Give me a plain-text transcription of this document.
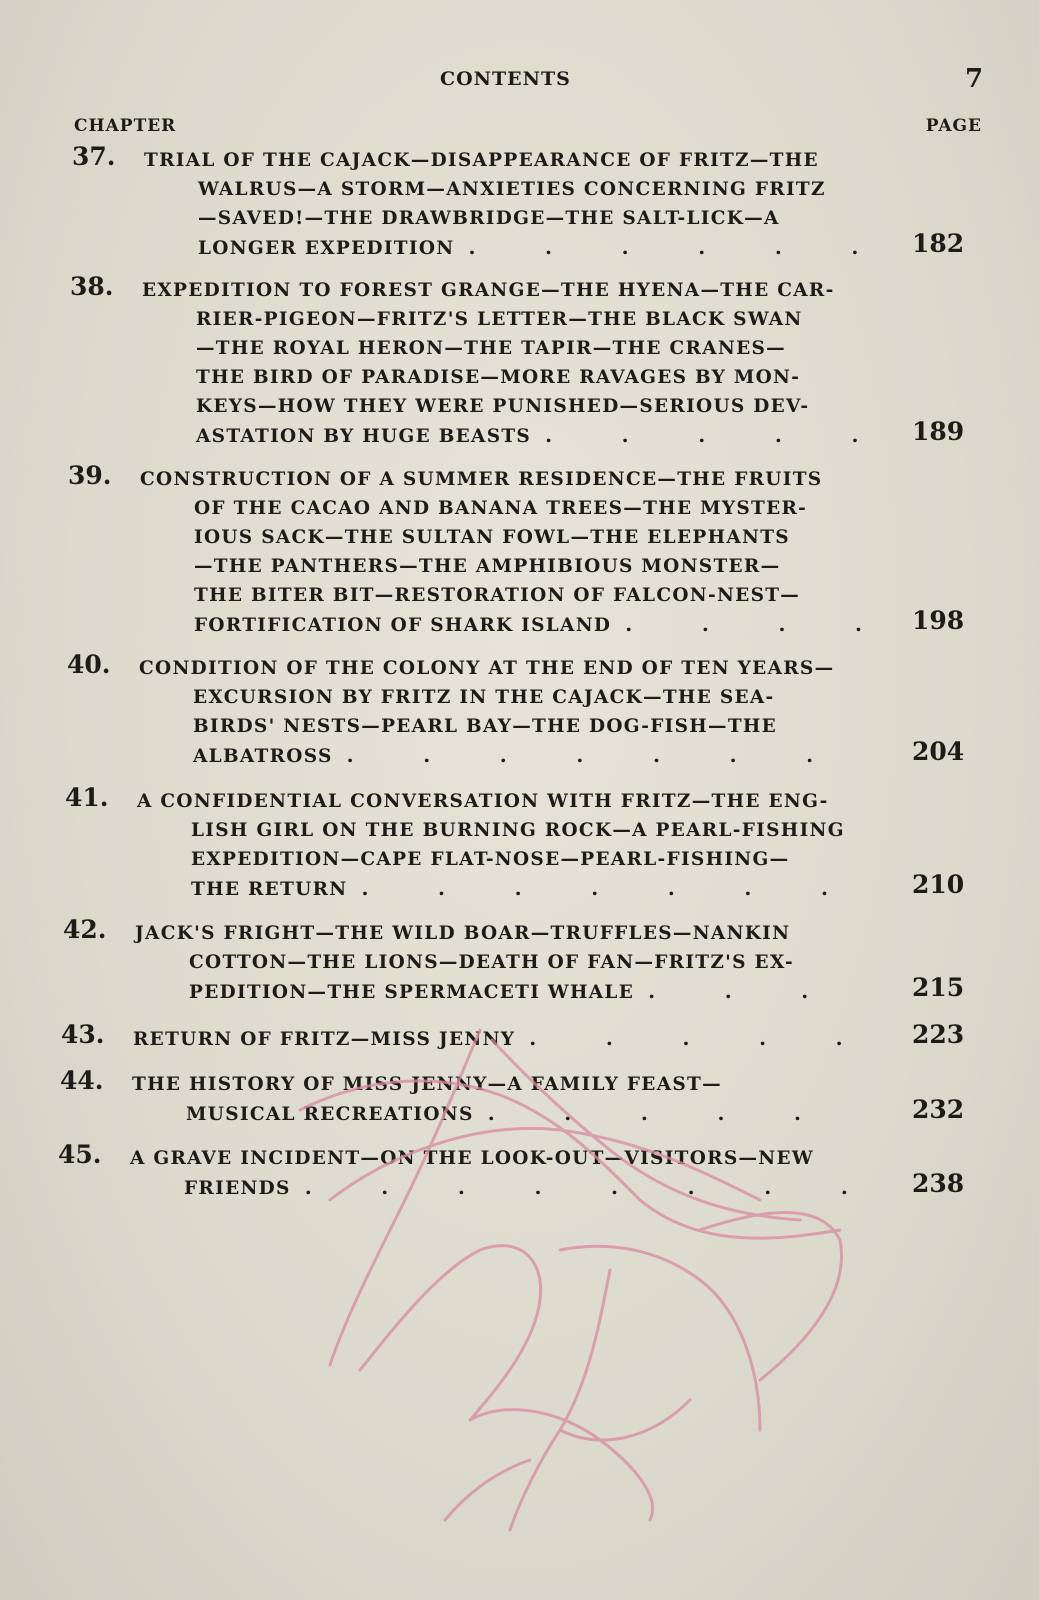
CONTENTS	7
CHAPTER	PAGE
37. TRIAL OF THE CAJACK—DISAPPEARANCE OF FRITZ—THE
WALRUS—A STORM—ANXIETIES CONCERNING FRITZ
—SAVED!—THE DRAWBRIDGE—THE SALT-LICK—A
LONGER EXPEDITION .	182
38. EXPEDITION TO FOREST GRANGE—THE HYENA—THE CAR-
RIER-PIGEON—FRITZ'S LETTER—THE BLACK SWAN
—THE ROYAL HERON—THE TAPIR—THE CRANES—
THE BIRD OF PARADISE—MORE RAVAGES BY MON-
KEYS—HOW THEY WERE PUNISHED—SERIOUS DEV-
ASTATION BY HUGE BEASTS .	189
39. CONSTRUCTION OF A SUMMER RESIDENCE—THE FRUITS
OF THE CACAO AND BANANA TREES—THE MYSTER-
IOUS SACK—THE SULTAN FOWL—THE ELEPHANTS
—THE PANTHERS—THE AMPHIBIOUS MONSTER—
THE BITER BIT—RESTORATION OF FALCON-NEST—
FORTIFICATION OF SHARK ISLAND .	198
40. CONDITION OF THE COLONY AT THE END OF TEN YEARS—
EXCURSION BY FRITZ IN THE CAJACK—THE SEA-
BIRDS' NESTS—PEARL BAY—THE DOG-FISH—THE
ALBATROSS .	204
41. A CONFIDENTIAL CONVERSATION WITH FRITZ—THE ENG-
LISH GIRL ON THE BURNING ROCK—A PEARL-FISHING
EXPEDITION—CAPE FLAT-NOSE—PEARL-FISHING—
THE RETURN .	210
42. JACK'S FRIGHT—THE WILD BOAR—TRUFFLES—NANKIN
COTTON—THE LIONS—DEATH OF FAN—FRITZ'S EX-
PEDITION—THE SPERMACETI WHALE .	215
43. RETURN OF FRITZ—MISS JENNY .	223
44. THE HISTORY OF MISS JENNY—A FAMILY FEAST—
MUSICAL RECREATIONS .	232
45. A GRAVE INCIDENT—ON THE LOOK-OUT—VISITORS—NEW
FRIENDS .	238
